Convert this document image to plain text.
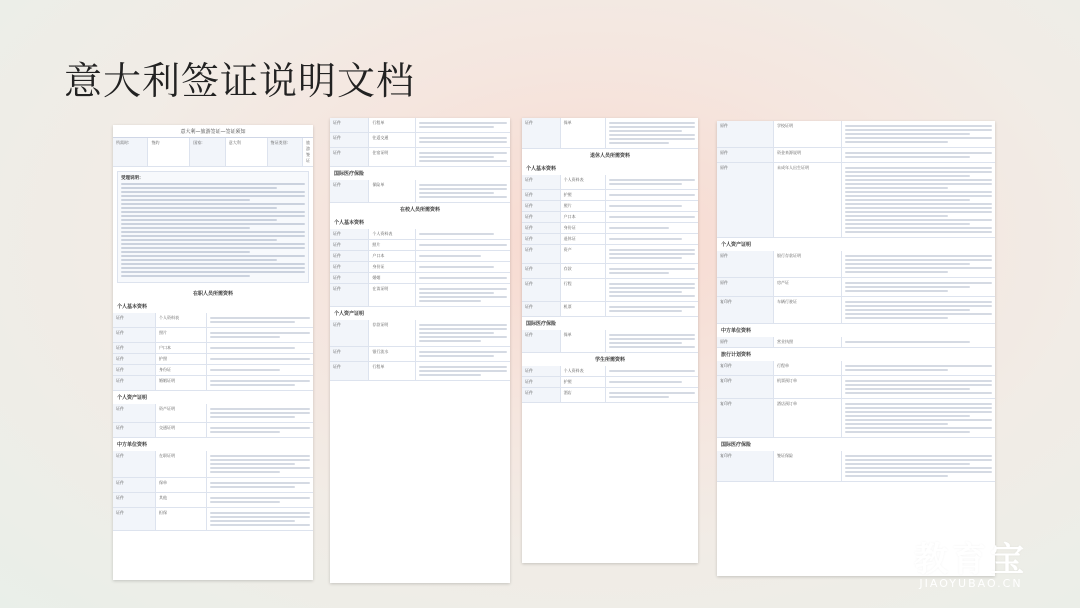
意大利签证说明文档
意大利—旅游签证—签证须知
所需时:	签约	国家:	意大利	签证类别:	旅游签证
受理说明：
在职人员所需资料
个人基本资料
证件	个人资料表
证件	照片
证件	户口本
证件	护照
证件	身份证
证件	婚姻证明
个人资产证明
证件	资产证明
证件	交通证明
中方单位资料
证件	在职证明
证件	保单
证件	其他
证件	担保
证件	行程单
证件	往返交通
证件	住宿证明
国际医疗保险
证件	保险单
在校人员所需资料
个人基本资料
证件	个人资料表
证件	照片
证件	户口本
证件	身份证
证件	婚姻
证件	在读证明
个人资产证明
证件	存款证明
证件	银行流水
证件	行程单
证件	保单
退休人员所需资料
个人基本资料
证件	个人资料表
证件	护照
证件	照片
证件	户口本
证件	身份证
证件	退休证
证件	资产
证件	存款
证件	行程
证件	机票
国际医疗保险
证件	保单
学生所需资料
证件	个人资料表
证件	护照
证件	酒店
原件	学校证明
原件	资金来源说明
原件	未成年人出生证明
个人资产证明
原件	银行存款证明
原件	房产证
复印件	车辆行驶证
中方单位资料
原件	营业执照
旅行计划资料
复印件	行程单
复印件	机票预订单
复印件	酒店预订单
国际医疗保险
复印件	签证保险
教育宝
JIAOYUBAO.CN
